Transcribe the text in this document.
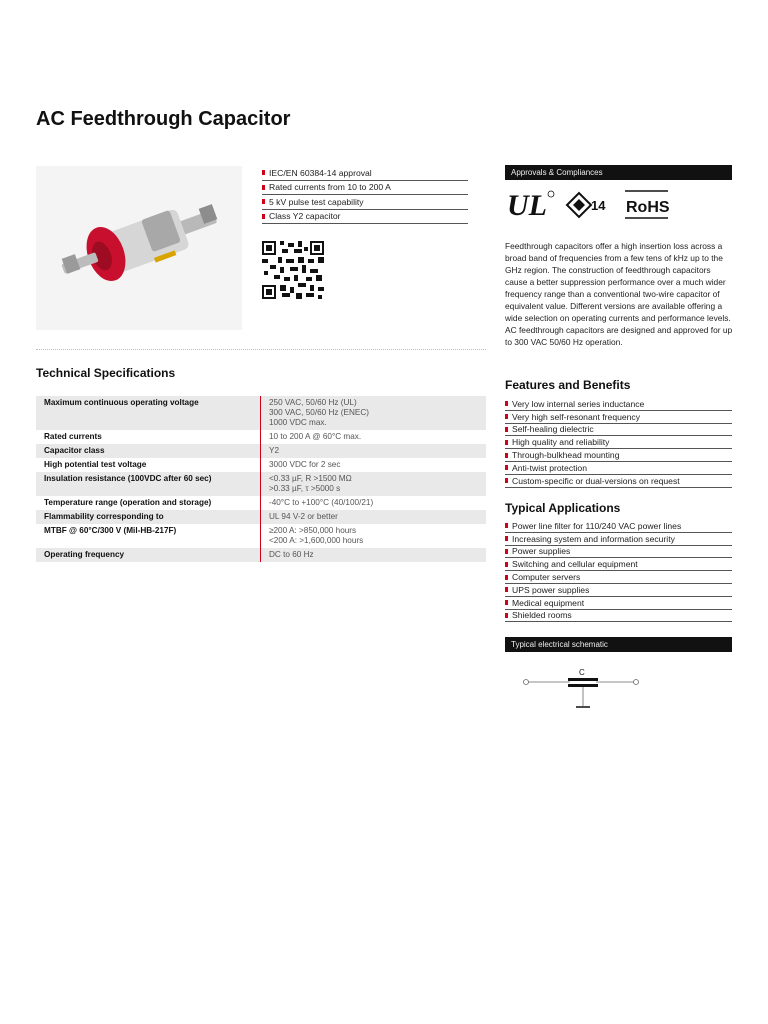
AC Feedthrough Capacitor
IEC/EN 60384-14 approval
Rated currents from 10 to 200 A
5 kV pulse test capability
Class Y2 capacitor
Technical Specifications
Maximum continuous operating voltage	250 VAC, 50/60 Hz (UL)
300 VAC, 50/60 Hz (ENEC)
1000 VDC max.
Rated currents	10 to 200 A @ 60°C max.
Capacitor class	Y2
High potential test voltage	3000 VDC for 2 sec
Insulation resistance (100VDC after 60 sec)	<0.33 µF, R >1500 MΩ
>0.33 µF, τ >5000 s
Temperature range (operation and storage)	-40°C to +100°C (40/100/21)
Flammability corresponding to	UL 94 V-2 or better
MTBF @ 60°C/300 V (Mil-HB-217F)	≥200 A: >850,000 hours
<200 A: >1,600,000 hours
Operating frequency	DC to 60 Hz
Approvals & Compliances
UL	14 RoHS
Feedthrough capacitors offer a high insertion loss across a broad band of frequencies from a few tens of kHz up to the GHz region. The construction of feedthrough capacitors cause a better suppression performance over a much wider frequency range than a conventional two-wire capacitor of equivalent value. Different versions are available offering a wide selection on operating currents and performance levels. AC feedthrough capacitors are designed and approved for up to 300 VAC 50/60 Hz operation.
Features and Benefits
Very low internal series inductance
Very high self-resonant frequency
Self-healing dielectric
High quality and reliability
Through-bulkhead mounting
Anti-twist protection
Custom-specific or dual-versions on request
Typical Applications
Power line filter for 110/240 VAC power lines
Increasing system and information security
Power supplies
Switching and cellular equipment
Computer servers
UPS power supplies
Medical equipment
Shielded rooms
Typical electrical schematic
C
